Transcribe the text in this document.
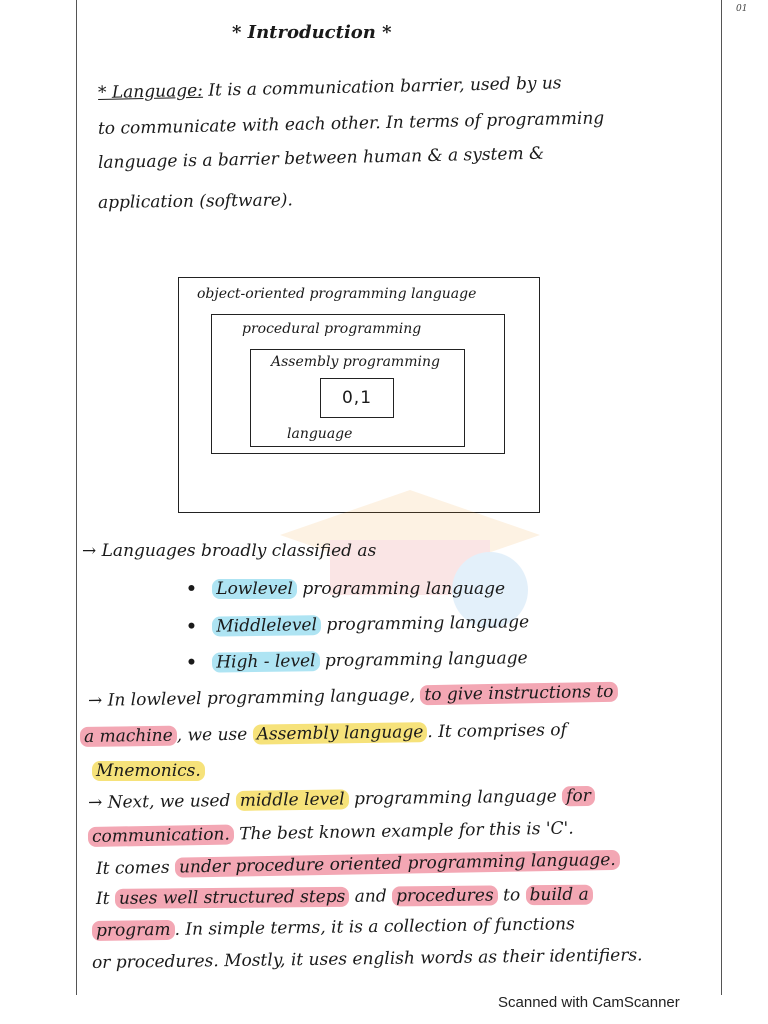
01
* Introduction *
* Language: It is a communication barrier, used by us
to communicate with each other. In terms of programming
language is a barrier between human & a system &
application (software).
object-oriented programming language
procedural programming
Assembly programming
language
0,1
→ Languages broadly classified as
• Lowlevel programming language
• Middlelevel programming language
• High - level programming language
→ In lowlevel programming language, to give instructions to
a machine , we use Assembly language . It comprises of
Mnemonics.
→ Next, we used middle level programming language for
communication. The best known example for this is 'C'.
It comes under procedure oriented programming language.
It uses well structured steps and procedures to build a
program . In simple terms, it is a collection of functions
or procedures. Mostly, it uses english words as their identifiers.
Scanned with CamScanner
